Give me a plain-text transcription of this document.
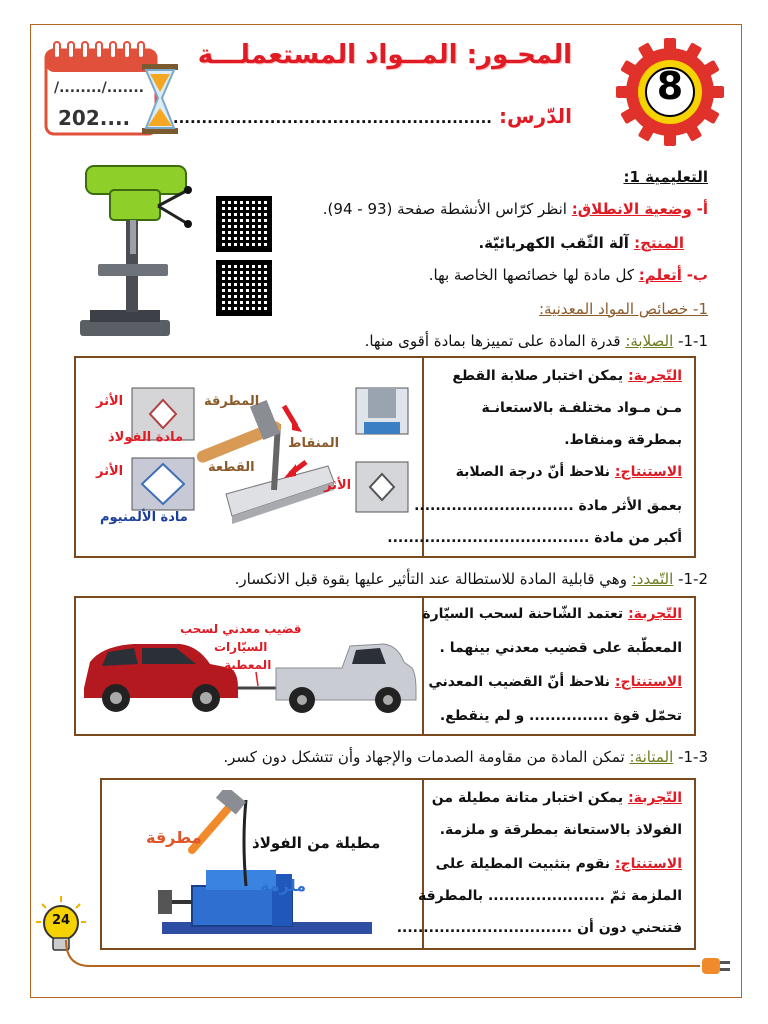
/......../.......
202....
المحـور: المــواد المستعملـــة
الدّرس: ........................................................
8
التعليمية 1:
أ- وضعية الانطلاق: انظر كرّاس الأنشطة صفحة (93 - 94).
المنتج: آلة الثّقب الكهربائيّة.
ب- أتعلم: كل مادة لها خصائصها الخاصة بها.
1- خصائص المواد المعدنية:
1-1- الصلابة: قدرة المادة على تمييزها بمادة أقوى منها.
التّجربة: يمكن اختبار صلابة القطع
مـن مـواد مختلفـة بالاستعانـة
بمطرقة ومنقاط.
الاستنتاج: نلاحظ أنّ درجة الصلابة
بعمق الأثر مادة ..............................
أكبر من مادة ......................................
الأثر
مادة الفولاذ
الأثر
مادة الألمنيوم
المطرقة
المنقاط
القطعة
الأثر
1-2- التّمدد: وهي قابلية المادة للاستطالة عند التأثير عليها بقوة قبل الانكسار.
التّجربة: تعتمد الشّاحنة لسحب السيّارة
المعطّبة على قضيب معدني بينهما .
الاستنتاج: نلاحظ أنّ القضيب المعدني
تحمّل قوة ............... و لم ينقطع.
قضيب معدني لسحب
السيّارات
المعطبة
1-3- المتانة: تمكن المادة من مقاومة الصدمات والإجهاد وأن تتشكل دون كسر.
التّجربة: يمكن اختبار متانة مطيلة من
الفولاذ بالاستعانة بمطرقة و ملزمة.
الاستنتاج: نقوم بتثبيت المطيلة على
الملزمة ثمّ ...................... بالمطرقة
فتنحني دون أن .................................
مطرقة	مطيلة من الفولاذ
ملزمة
24
